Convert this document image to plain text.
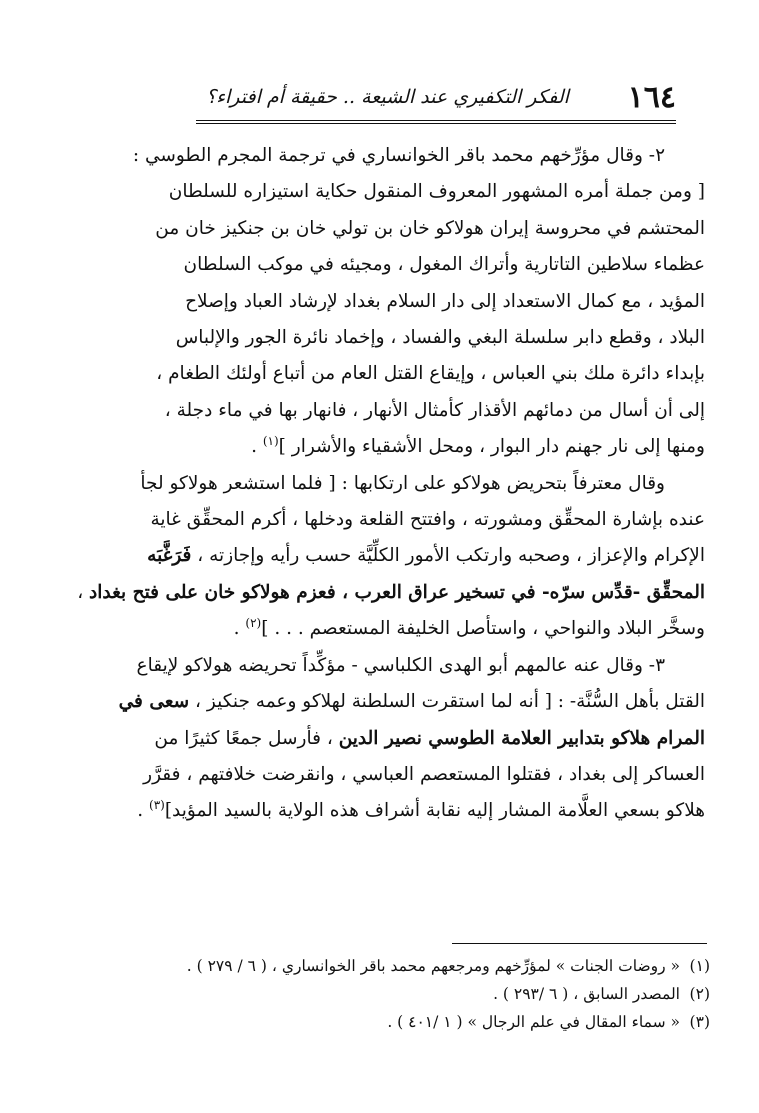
١٦٤
الفكر التكفيري عند الشيعة .. حقيقة أم افتراء؟

٢- وقال مؤرِّخهم محمد باقر الخوانساري في ترجمة المجرم الطوسي :

[ ومن جملة أمره المشهور المعروف المنقول حكاية استيزاره للسلطان

المحتشم في محروسة إيران هولاكو خان بن تولي خان بن جنكيز خان من

عظماء سلاطين التاتارية وأتراك المغول ، ومجيئه في موكب السلطان

المؤيد ، مع كمال الاستعداد إلى دار السلام بغداد لإرشاد العباد وإصلاح

البلاد ، وقطع دابر سلسلة البغي والفساد ، وإخماد نائرة الجور والإلباس

بإبداء دائرة ملك بني العباس ، وإيقاع القتل العام من أتباع أولئك الطغام ،

إلى أن أسال من دمائهم الأقذار كأمثال الأنهار ، فانهار بها في ماء دجلة ،

ومنها إلى نار جهنم دار البوار ، ومحل الأشقياء والأشرار ]$^{(١)}$ .

وقال معترفاً بتحريض هولاكو على ارتكابها : [ فلما استشعر هولاكو لجأ

عنده بإشارة المحقِّق ومشورته ، وافتتح القلعة ودخلها ، أكرم المحقِّق غاية

الإكرام والإعزاز ، وصحبه وارتكب الأمور الكلِّيَّة حسب رأيه وإجازته ، فَرَغَّبَه

المحقِّق -قدِّس سرّه- في تسخير عراق العرب ، فعزم هولاكو خان على فتح بغداد ،

وسخَّر البلاد والنواحي ، واستأصل الخليفة المستعصم . . . ]$^{(٢)}$ .

٣- وقال عنه عالمهم أبو الهدى الكلباسي - مؤكِّداً تحريضه هولاكو لإيقاع

القتل بأهل السُّنَّة- : [ أنه لما استقرت السلطنة لهلاكو وعمه جنكيز ، سعى في

المرام هلاكو بتدابير العلامة الطوسي نصير الدين ، فأرسل جمعًا كثيرًا من

العساكر إلى بغداد ، فقتلوا المستعصم العباسي ، وانقرضت خلافتهم ، فقرَّر

هلاكو بسعي العلَّامة المشار إليه نقابة أشراف هذه الولاية بالسيد المؤيد]$^{(٣)}$ .

(١)« روضات الجنات » لمؤرِّخهم ومرجعهم محمد باقر الخوانساري ، ( ٦ / ٢٧٩ ) .
(٢)المصدر السابق ، ( ٦ /٢٩٣ ) .
(٣)« سماء المقال في علم الرجال » ( ١ /٤٠١ ) .
